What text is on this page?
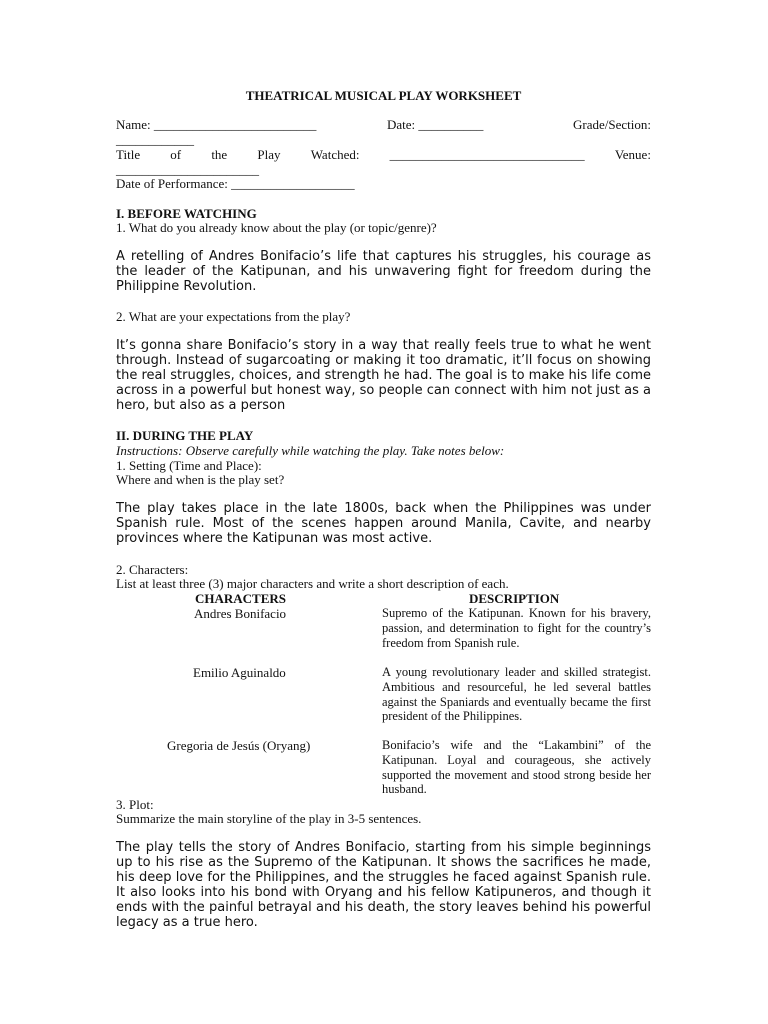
THEATRICAL MUSICAL PLAY WORKSHEET
Name: _________________________	Date: __________	Grade/Section:
____________
Title of the Play Watched: ______________________________ Venue:
______________________
Date of Performance: ___________________
I. BEFORE WATCHING
1. What do you already know about the play (or topic/genre)?
A retelling of Andres Bonifacio’s life that captures his struggles, his courage as the leader of the Katipunan, and his unwavering fight for freedom during the Philippine Revolution.
2. What are your expectations from the play?
It’s gonna share Bonifacio’s story in a way that really feels true to what he went through. Instead of sugarcoating or making it too dramatic, it’ll focus on showing the real struggles, choices, and strength he had. The goal is to make his life come across in a powerful but honest way, so people can connect with him not just as a hero, but also as a person
II. DURING THE PLAY
Instructions: Observe carefully while watching the play. Take notes below:
1. Setting (Time and Place):
Where and when is the play set?
The play takes place in the late 1800s, back when the Philippines was under Spanish rule. Most of the scenes happen around Manila, Cavite, and nearby provinces where the Katipunan was most active.
2. Characters:
List at least three (3) major characters and write a short description of each.
CHARACTERS	DESCRIPTION
Andres Bonifacio	Supremo of the Katipunan. Known for his bravery, passion, and determination to fight for the country’s freedom from Spanish rule.
Emilio Aguinaldo	A young revolutionary leader and skilled strategist. Ambitious and resourceful, he led several battles against the Spaniards and eventually became the first president of the Philippines.
Gregoria de Jesús (Oryang)	Bonifacio’s wife and the “Lakambini” of the Katipunan. Loyal and courageous, she actively supported the movement and stood strong beside her husband.
3. Plot:
Summarize the main storyline of the play in 3-5 sentences.
The play tells the story of Andres Bonifacio, starting from his simple beginnings up to his rise as the Supremo of the Katipunan. It shows the sacrifices he made, his deep love for the Philippines, and the struggles he faced against Spanish rule. It also looks into his bond with Oryang and his fellow Katipuneros, and though it ends with the painful betrayal and his death, the story leaves behind his powerful legacy as a true hero.
